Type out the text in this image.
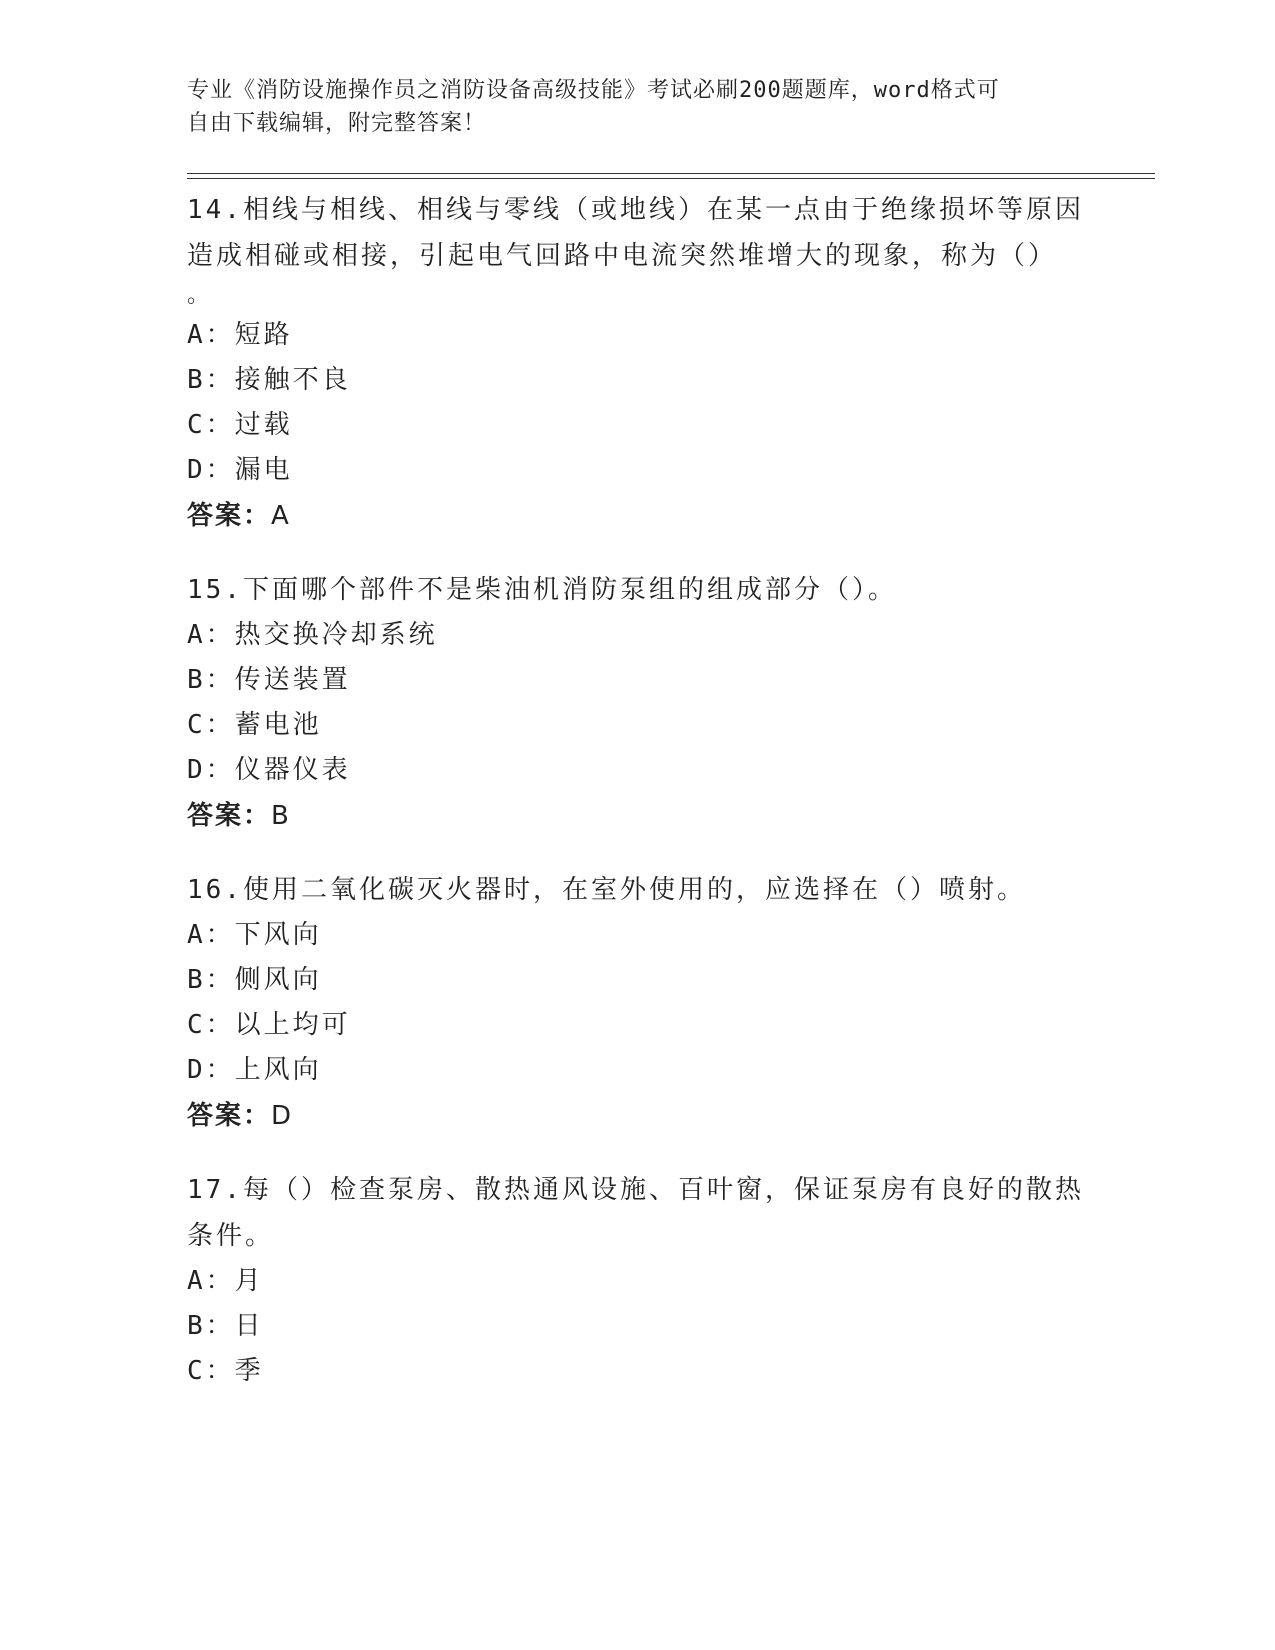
专业《消防设施操作员之消防设备高级技能》考试必刷200题题库，word格式可
自由下载编辑，附完整答案！
14.相线与相线、相线与零线（或地线）在某一点由于绝缘损坏等原因
造成相碰或相接，引起电气回路中电流突然堆增大的现象，称为（）
。
A：短路
B：接触不良
C：过载
D：漏电
答案：A
15.下面哪个部件不是柴油机消防泵组的组成部分（）。
A：热交换冷却系统
B：传送装置
C：蓄电池
D：仪器仪表
答案：B
16.使用二氧化碳灭火器时，在室外使用的，应选择在（）喷射。
A：下风向
B：侧风向
C：以上均可
D：上风向
答案：D
17.每（）检查泵房、散热通风设施、百叶窗，保证泵房有良好的散热
条件。
A：月
B：日
C：季
